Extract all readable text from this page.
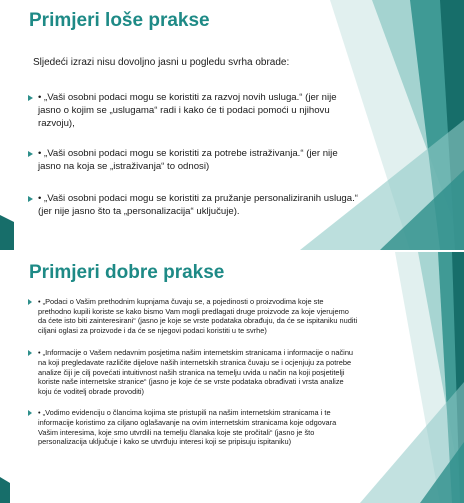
Primjeri loše prakse
Sljedeći izrazi nisu dovoljno jasni u pogledu svrha obrade:
• „Vaši osobni podaci mogu se koristiti za razvoj novih usluga.“ (jer nije jasno o kojim se „uslugama“ radi i kako će ti podaci pomoći u njihovu razvoju),
• „Vaši osobni podaci mogu se koristiti za potrebe istraživanja.“ (jer nije jasno na koja se „istraživanja“ to odnosi)
• „Vaši osobni podaci mogu se koristiti za pružanje personaliziranih usluga.“ (jer nije jasno što ta „personalizacija“ uključuje).
Primjeri dobre prakse
• „Podaci o Vašim prethodnim kupnjama čuvaju se, a pojedinosti o proizvodima koje ste prethodno kupili koriste se kako bismo Vam mogli predlagati druge proizvode za koje vjerujemo da ćete isto biti zainteresirani“ (jasno je koje se vrste podataka obrađuju, da će se ispitaniku nuditi ciljani oglasi za proizvode i da će se njegovi podaci koristiti u te svrhe)
• „Informacije o Vašem nedavnim posjetima našim internetskim stranicama i informacije o načinu na koji pregledavate različite dijelove naših internetskih stranica čuvaju se i ocjenjuju za potrebe analize čiji je cilj povećati intuitivnost naših stranica na temelju uvida u način na koji posjetitelji koriste naše internetske stranice“ (jasno je koje će se vrste podataka obrađivati i vrsta analize koju će voditelj obrade provoditi)
• „Vodimo evidenciju o člancima kojima ste pristupili na našim internetskim stranicama i te informacije koristimo za ciljano oglašavanje na ovim internetskim stranicama koje odgovara Vašim interesima, koje smo utvrdili na temelju članaka koje ste pročitali“ (jasno je što personalizacija uključuje i kako se utvrđuju interesi koji se pripisuju ispitaniku)
